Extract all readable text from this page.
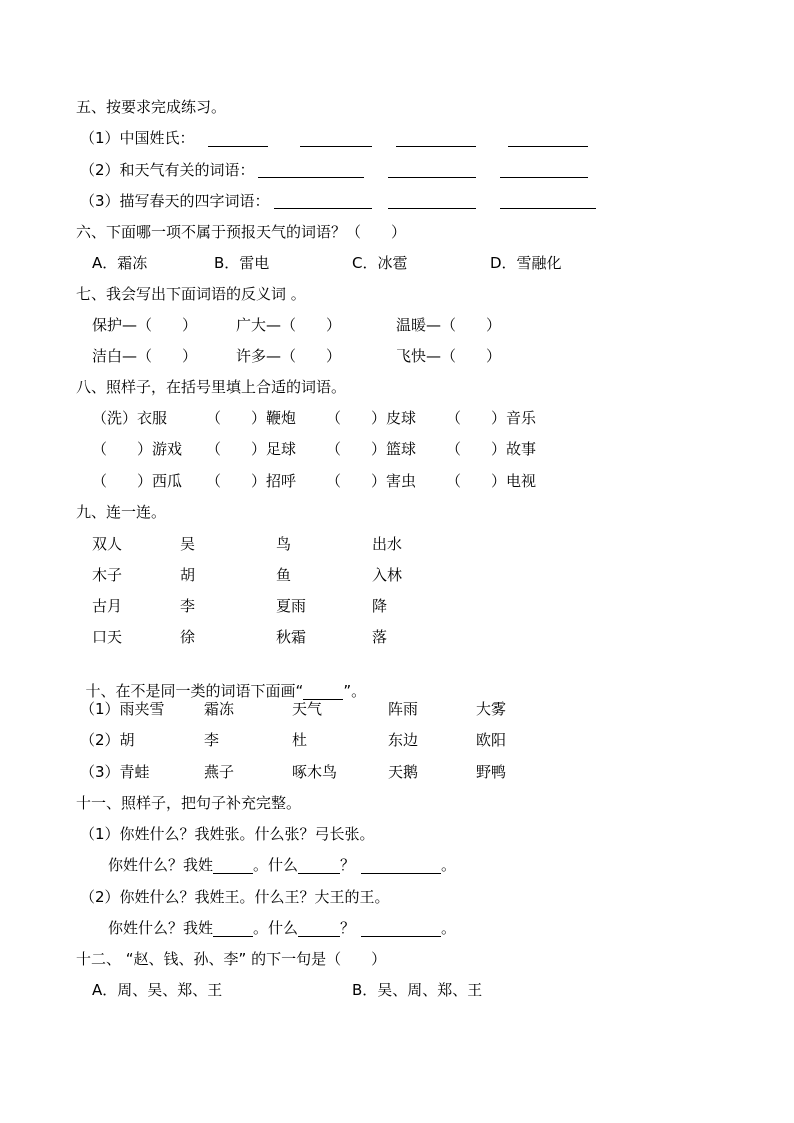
五、按要求完成练习。
（1）中国姓氏：
（2）和天气有关的词语：
（3）描写春天的四字词语：
六、下面哪一项不属于预报天气的词语？（　　）
A．霜冻	B．雷电	C．冰雹	D．雪融化
七、我会写出下面词语的反义词 。
保护—（　　）	广大—（　　）	温暖—（　　）
洁白—（　　）	许多—（　　）	飞快—（　　）
八、照样子，在括号里填上合适的词语。
（洗）衣服	（　　）鞭炮 （　　）皮球 （　　）音乐
（　　）游戏 （　　）足球 （　　）篮球 （　　）故事
（　　）西瓜 （　　）招呼 （　　）害虫 （　　）电视
九、连一连。
双人	吴	鸟	出水
木子	胡	鱼	入林
古月	李	夏雨	降
口天	徐	秋霜	落

十、在不是同一类的词语下面画“	”。

（1）雨夹雪	霜冻	天气	阵雨	大雾
（2）胡	李	杜	东边	欧阳
（3）青蛙	燕子	啄木鸟	天鹅	野鸭
十一、照样子，把句子补充完整。
（1）你姓什么？我姓张。什么张？弓长张。
你姓什么？我姓	。什么	？	。
（2）你姓什么？我姓王。什么王？大王的王。
你姓什么？我姓	。什么	？	。
十二、 “赵、钱、孙、李” 的下一句是（　　）
A．周、吴、郑、王	B．吴、周、郑、王
